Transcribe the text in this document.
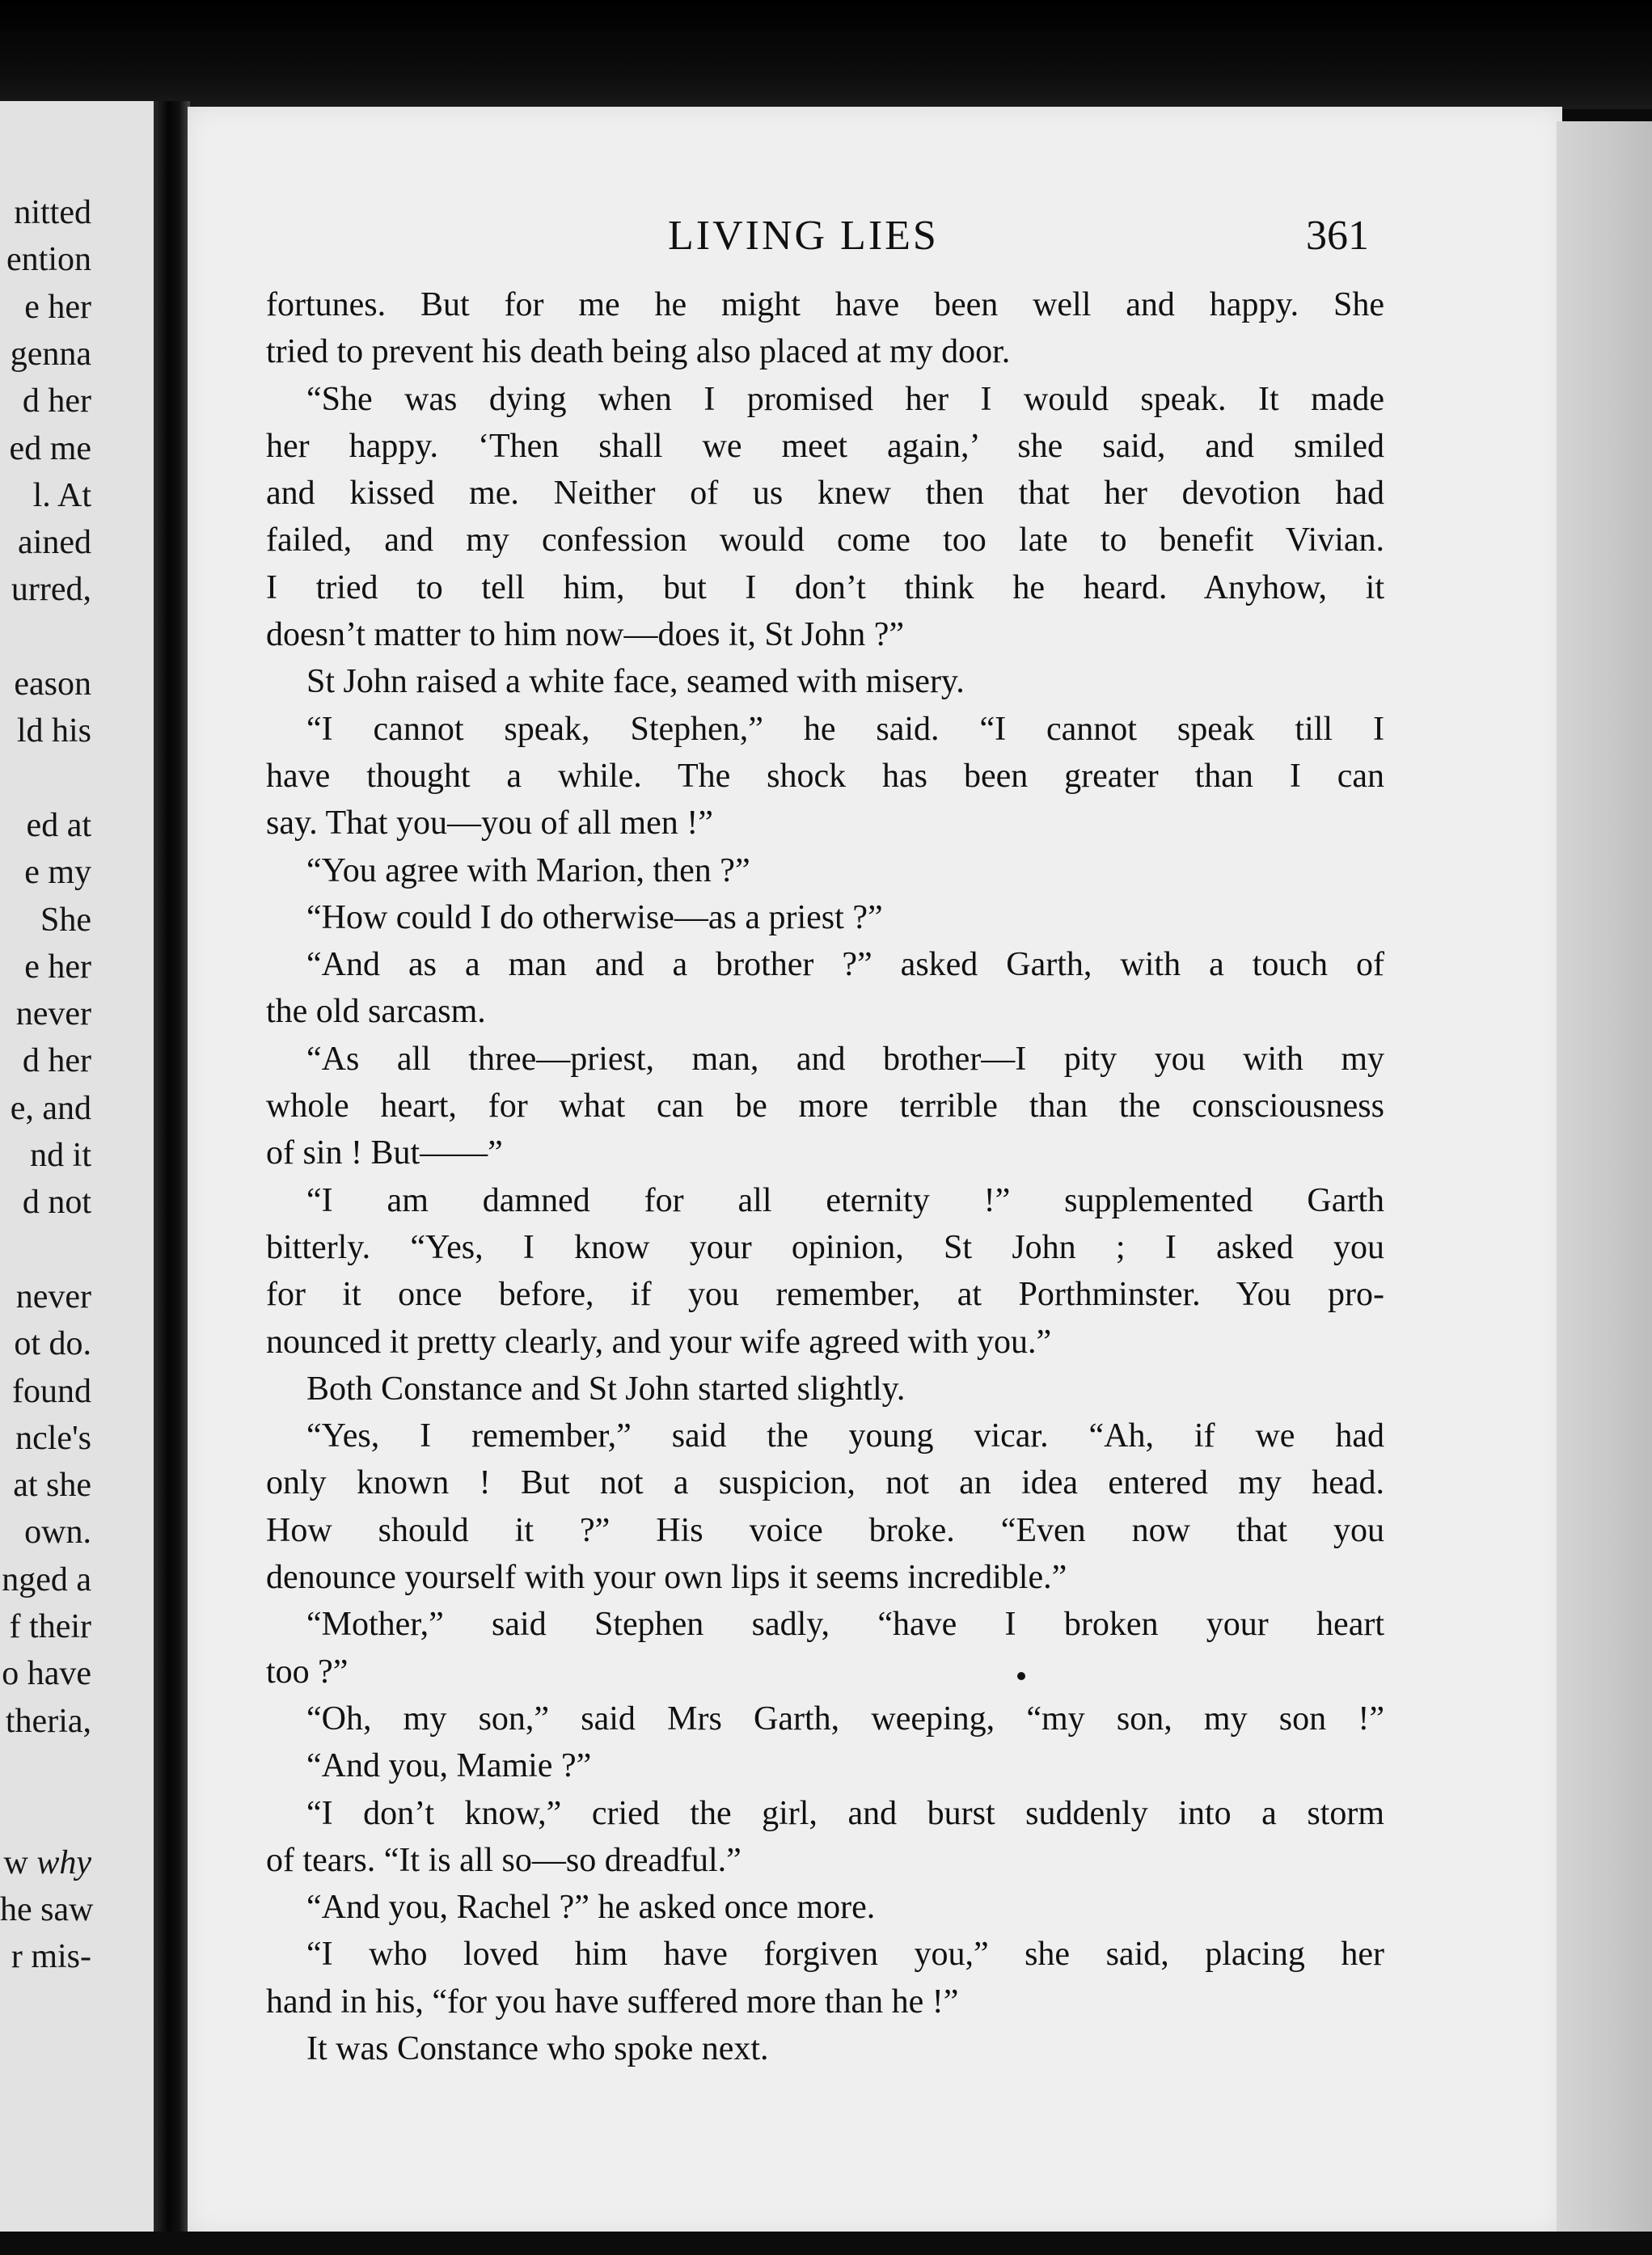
nitted
ention
e her
genna
d her
ed me
l. At
ained
urred,
eason
ld his
ed at
e my
She
e her
never
d her
e, and
nd it
d not
never
ot do.
found
ncle's
at she
own.
nged a
f their
o have
theria,
w why
he saw
r mis-
LIVING LIES	361
fortunes. But for me he might have been well and happy. She
tried to prevent his death being also placed at my door.
“She was dying when I promised her I would speak. It made
her happy. ‘Then shall we meet again,’ she said, and smiled
and kissed me. Neither of us knew then that her devotion had
failed, and my confession would come too late to benefit Vivian.
I tried to tell him, but I don’t think he heard. Anyhow, it
doesn’t matter to him now—does it, St John ?”
St John raised a white face, seamed with misery.
“I cannot speak, Stephen,” he said. “I cannot speak till I
have thought a while. The shock has been greater than I can
say. That you—you of all men !”
“You agree with Marion, then ?”
“How could I do otherwise—as a priest ?”
“And as a man and a brother ?” asked Garth, with a touch of
the old sarcasm.
“As all three—priest, man, and brother—I pity you with my
whole heart, for what can be more terrible than the consciousness
of sin ! But——”
“I am damned for all eternity !” supplemented Garth
bitterly. “Yes, I know your opinion, St John ; I asked you
for it once before, if you remember, at Porthminster. You pro-
nounced it pretty clearly, and your wife agreed with you.”
Both Constance and St John started slightly.
“Yes, I remember,” said the young vicar. “Ah, if we had
only known ! But not a suspicion, not an idea entered my head.
How should it ?” His voice broke. “Even now that you
denounce yourself with your own lips it seems incredible.”
“Mother,” said Stephen sadly, “have I broken your heart
too ?”
“Oh, my son,” said Mrs Garth, weeping, “my son, my son !”
“And you, Mamie ?”
“I don’t know,” cried the girl, and burst suddenly into a storm
of tears. “It is all so—so dreadful.”
“And you, Rachel ?” he asked once more.
“I who loved him have forgiven you,” she said, placing her
hand in his, “for you have suffered more than he !”
It was Constance who spoke next.
